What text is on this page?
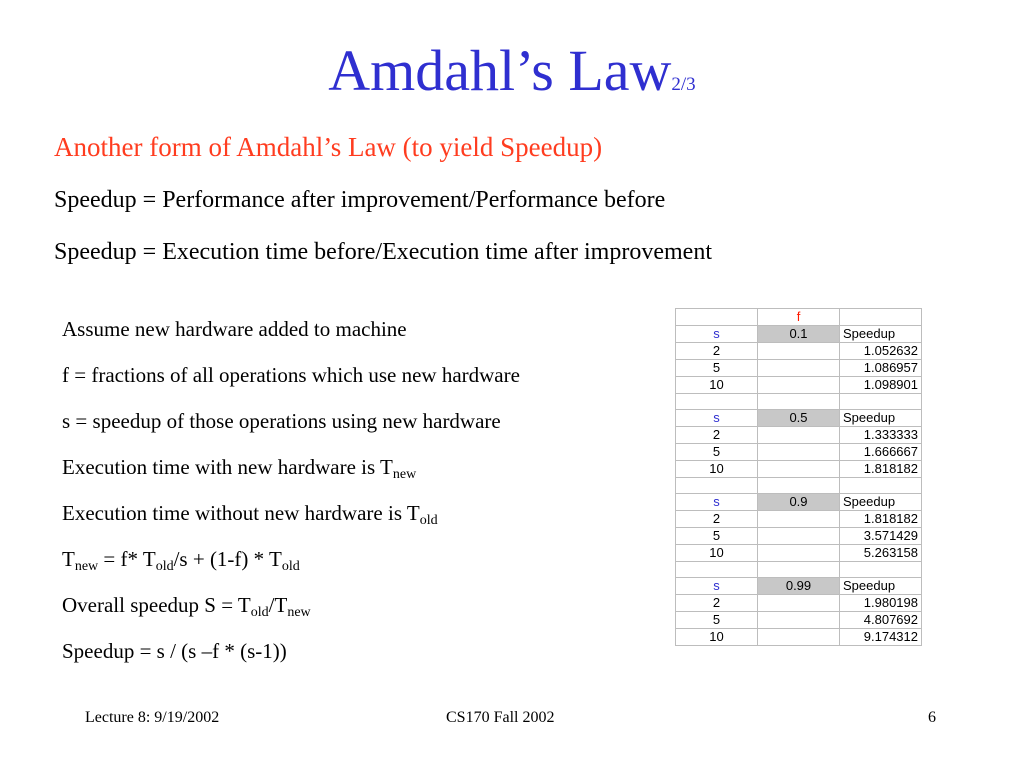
Amdahl’s Law2/3
Another form of Amdahl’s Law (to yield Speedup)
Speedup = Performance after improvement/Performance before
Speedup = Execution time before/Execution time after improvement
Assume new hardware added to machine
f = fractions of all operations which use new hardware
s = speedup of those operations using new hardware
Execution time with new hardware is $T_{new}$
Execution time without new hardware is $T_{old}$
$T_{new} = f*$ $T_{old}/s + (1-f) * T_{old}$
Overall speedup $S = T_{old}/T_{new}$
Speedup = s / (s –f * (s-1))
	f	
s	0.1	Speedup
2		1.052632
5		1.086957
10		1.098901

s	0.5	Speedup
2		1.333333
5		1.666667
10		1.818182

s	0.9	Speedup
2		1.818182
5		3.571429
10		5.263158

s	0.99	Speedup
2		1.980198
5		4.807692
10		9.174312
Lecture 8: 9/19/2002	CS170 Fall 2002	6
